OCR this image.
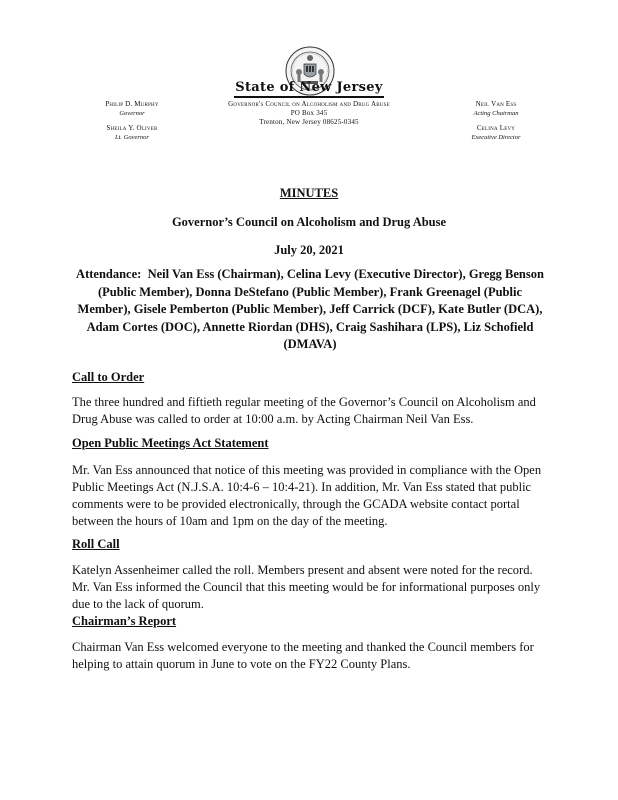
Philip D. Murphy
Governor
Sheila Y. Oliver
Lt. Governor
State of New Jersey
Governor's Council on Alcoholism and Drug Abuse
PO Box 345
Trenton, New Jersey 08625-0345
Neil Van Ess
Acting Chairman
Celina Levy
Executive Director
MINUTES
Governor’s Council on Alcoholism and Drug Abuse
July 20, 2021
Attendance: Neil Van Ess (Chairman), Celina Levy (Executive Director), Gregg Benson (Public Member), Donna DeStefano (Public Member), Frank Greenagel (Public Member), Gisele Pemberton (Public Member), Jeff Carrick (DCF), Kate Butler (DCA), Adam Cortes (DOC), Annette Riordan (DHS), Craig Sashihara (LPS), Liz Schofield (DMAVA)
Call to Order
The three hundred and fiftieth regular meeting of the Governor’s Council on Alcoholism and Drug Abuse was called to order at 10:00 a.m. by Acting Chairman Neil Van Ess.
Open Public Meetings Act Statement
Mr. Van Ess announced that notice of this meeting was provided in compliance with the Open Public Meetings Act (N.J.S.A. 10:4-6 – 10:4-21). In addition, Mr. Van Ess stated that public comments were to be provided electronically, through the GCADA website contact portal between the hours of 10am and 1pm on the day of the meeting.
Roll Call
Katelyn Assenheimer called the roll. Members present and absent were noted for the record. Mr. Van Ess informed the Council that this meeting would be for informational purposes only due to the lack of quorum.
Chairman’s Report
Chairman Van Ess welcomed everyone to the meeting and thanked the Council members for helping to attain quorum in June to vote on the FY22 County Plans.
